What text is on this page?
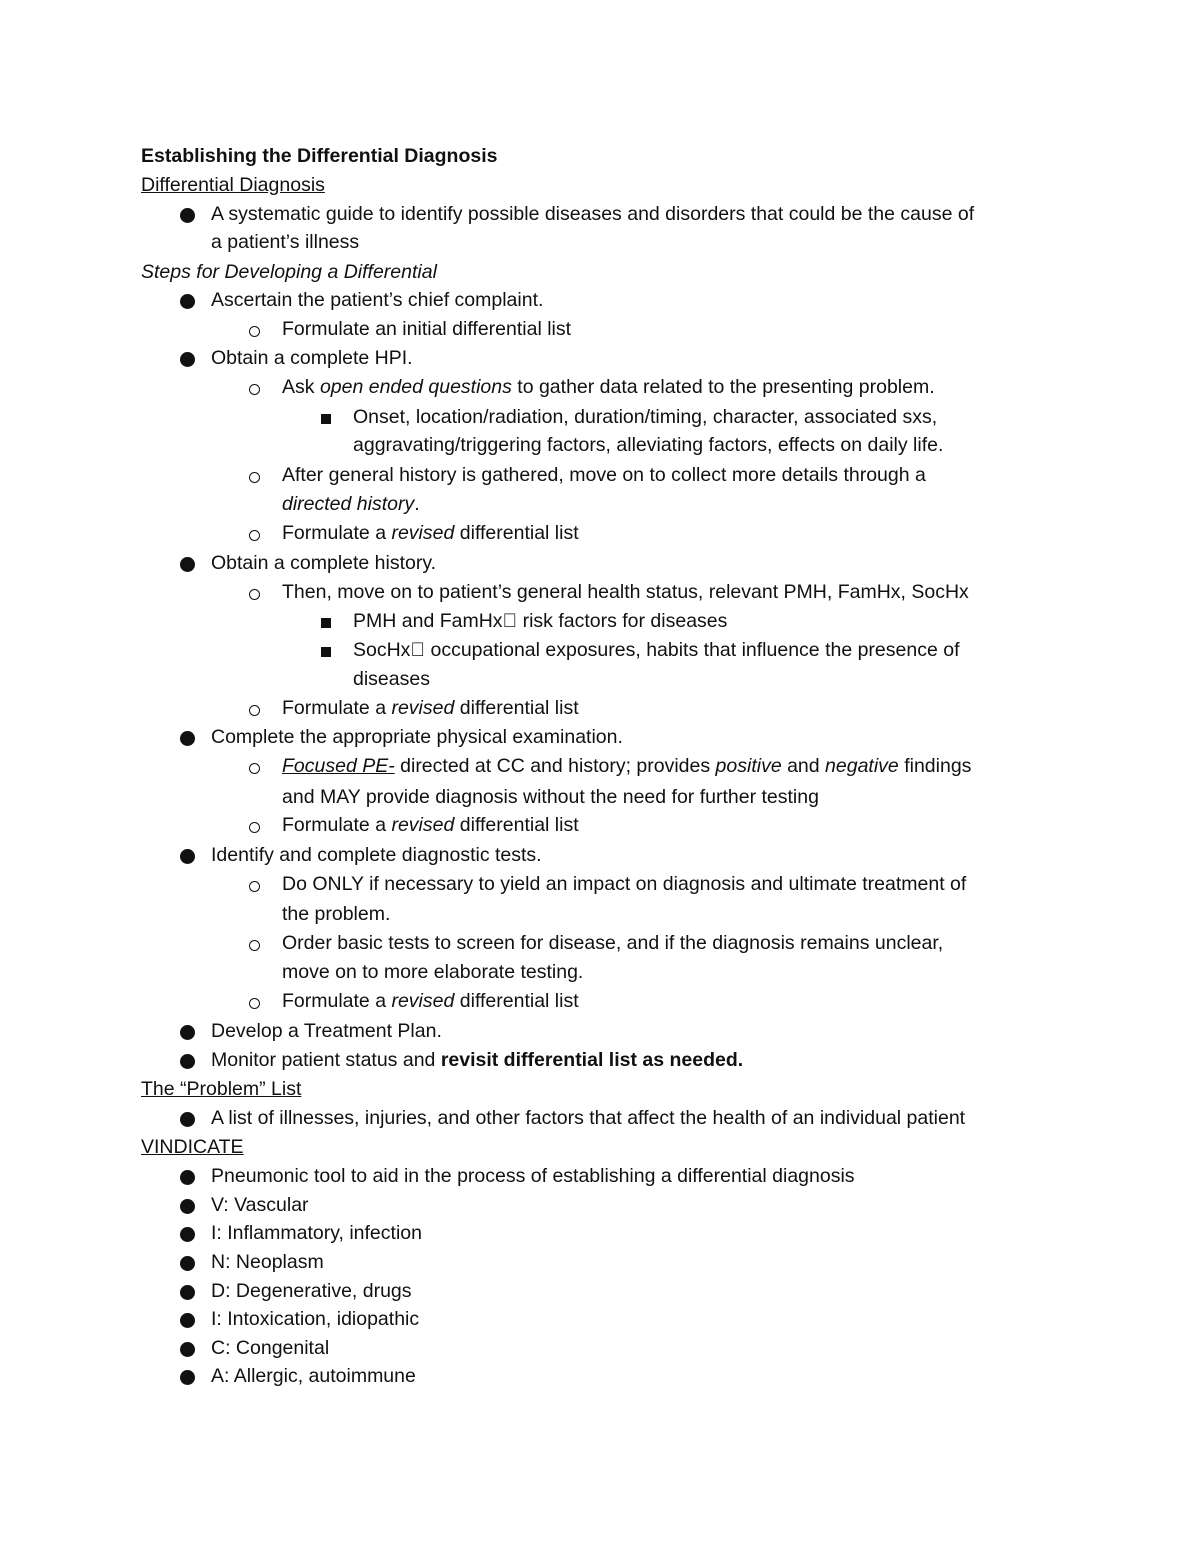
Establishing the Differential Diagnosis
Differential Diagnosis
A systematic guide to identify possible diseases and disorders that could be the cause of
a patient’s illness
Steps for Developing a Differential
Ascertain the patient’s chief complaint.
Formulate an initial differential list
Obtain a complete HPI.
Ask open ended questions to gather data related to the presenting problem.
Onset, location/radiation, duration/timing, character, associated sxs,
aggravating/triggering factors, alleviating factors, effects on daily life.
After general history is gathered, move on to collect more details through a
directed history.
Formulate a revised differential list
Obtain a complete history.
Then, move on to patient’s general health status, relevant PMH, FamHx, SocHx
PMH and FamHx  risk factors for diseases
SocHx  occupational exposures, habits that influence the presence of
diseases
Formulate a revised differential list
Complete the appropriate physical examination.
Focused PE- directed at CC and history; provides positive and negative findings
and MAY provide diagnosis without the need for further testing
Formulate a revised differential list
Identify and complete diagnostic tests.
Do ONLY if necessary to yield an impact on diagnosis and ultimate treatment of
the problem.
Order basic tests to screen for disease, and if the diagnosis remains unclear,
move on to more elaborate testing.
Formulate a revised differential list
Develop a Treatment Plan.
Monitor patient status and revisit differential list as needed.
The “Problem” List
A list of illnesses, injuries, and other factors that affect the health of an individual patient
VINDICATE
Pneumonic tool to aid in the process of establishing a differential diagnosis
V: Vascular
I: Inflammatory, infection
N: Neoplasm
D: Degenerative, drugs
I: Intoxication, idiopathic
C: Congenital
A: Allergic, autoimmune
